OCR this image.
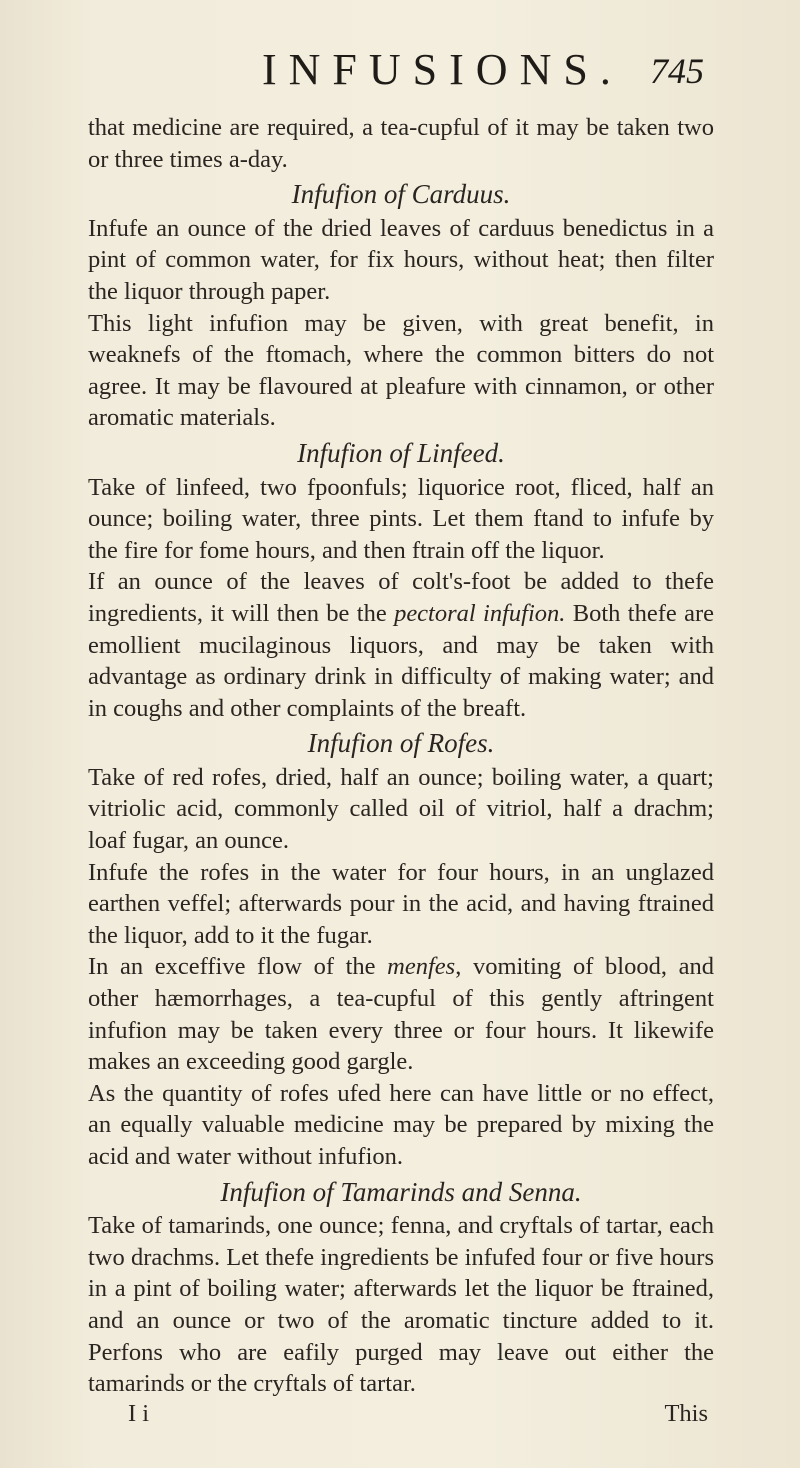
INFUSIONS. 745

that medicine are required, a tea-cupful of it may be taken two or three times a-day.

Infufion of Carduus.

Infufe an ounce of the dried leaves of carduus benedictus in a pint of common water, for fix hours, without heat; then filter the liquor through paper.

This light infufion may be given, with great benefit, in weaknefs of the ftomach, where the common bitters do not agree. It may be flavoured at pleafure with cinnamon, or other aromatic materials.

Infufion of Linfeed.

Take of linfeed, two fpoonfuls; liquorice root, fliced, half an ounce; boiling water, three pints. Let them ftand to infufe by the fire for fome hours, and then ftrain off the liquor.

If an ounce of the leaves of colt's-foot be added to thefe ingredients, it will then be the pectoral infufion. Both thefe are emollient mucilaginous liquors, and may be taken with advantage as ordinary drink in difficulty of making water; and in coughs and other complaints of the breaft.

Infufion of Rofes.

Take of red rofes, dried, half an ounce; boiling water, a quart; vitriolic acid, commonly called oil of vitriol, half a drachm; loaf fugar, an ounce.

Infufe the rofes in the water for four hours, in an unglazed earthen veffel; afterwards pour in the acid, and having ftrained the liquor, add to it the fugar.

In an exceffive flow of the menfes, vomiting of blood, and other hæmorrhages, a tea-cupful of this gently aftringent infufion may be taken every three or four hours. It likewife makes an exceeding good gargle.

As the quantity of rofes ufed here can have little or no effect, an equally valuable medicine may be prepared by mixing the acid and water without infufion.

Infufion of Tamarinds and Senna.

Take of tamarinds, one ounce; fenna, and cryftals of tartar, each two drachms. Let thefe ingredients be infufed four or five hours in a pint of boiling water; afterwards let the liquor be ftrained, and an ounce or two of the aromatic tincture added to it. Perfons who are eafily purged may leave out either the tamarinds or the cryftals of tartar.

I i	This
